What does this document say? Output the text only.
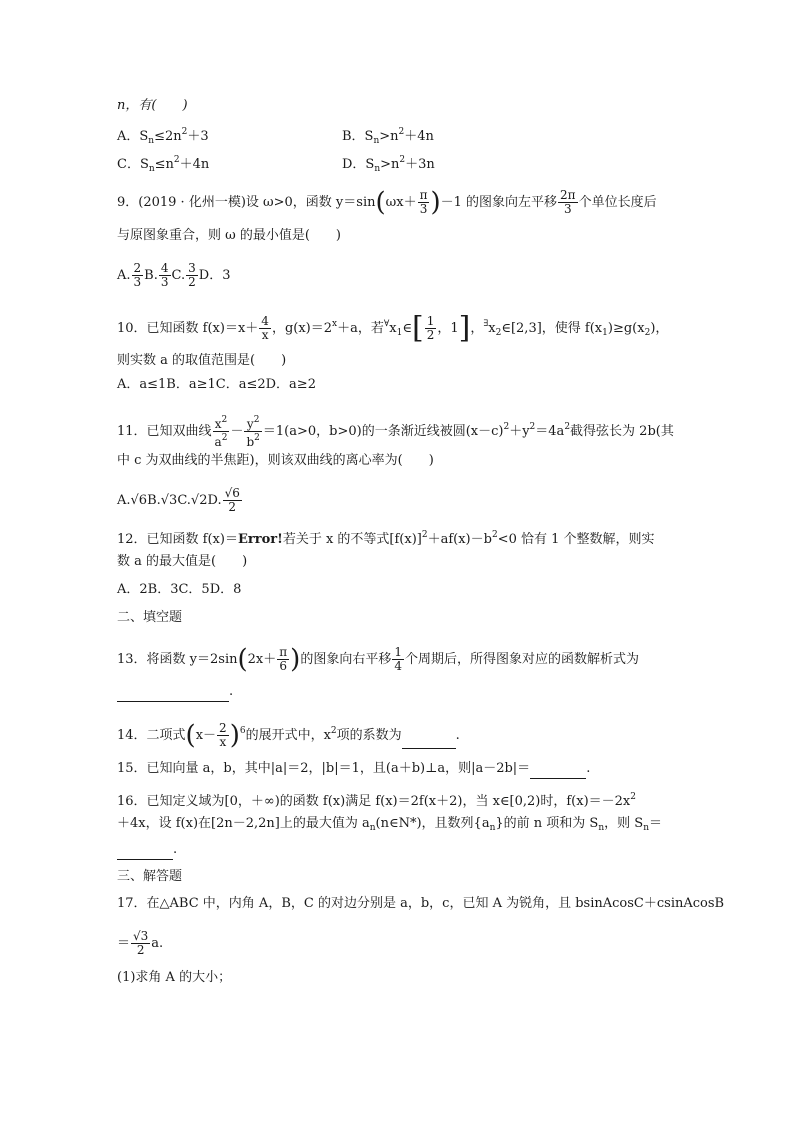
n，有(　　)
A．$S_n\le 2n^2+3$	B．$S_n>n^2+4n$
C．$S_n\le n^2+4n$	D．$S_n>n^2+3n$
9．(2019 · 化州一模)设 ω>0，函数 $y=\sin(\omega x+ \frac{\pi}{3} )-1$ 的图象向左平移 $\frac{2\pi}{3}$ 个单位长度后
与原图象重合，则 ω 的最小值是(　　)
A. $\frac{2}{3} B$. $\frac{4}{3} C$. $\frac{3}{2}$ D．3
10．已知函数 $f(x)=x+ \frac{4}{x}$ ，$g(x)=2^x+a$，若$^\forall x_1\in[ \frac{1}{2}$ ，1]，$^\exists x_2\in[2,3]$，使得 $f(x_1)\ge g(x_2)$，
则实数 a 的取值范围是(　　)
A．a≤1B．a≥1C．a≤2D．a≥2
11．已知双曲线 $\frac{x^2}{a^2} - \frac{y^2}{b^2} =1(a>0$，b>0)的一条渐近线被圆$(x-c)^2+y^2=4a^2$截得弦长为 2b(其
中 c 为双曲线的半焦距)，则该双曲线的离心率为(　　)
A.√6B.√3C.√2D. $\frac{√6}{2}$
12．已知函数 f(x)＝Error!若关于 x 的不等式$[f(x)]^2+af(x)-b^2<0$ 恰有 1 个整数解，则实
数 a 的最大值是(　　)
A．2B．3C．5D．8
二、填空题
13．将函数 $y=2\sin(2x+ \frac{\pi}{6}$ )的图象向右平移 $\frac{1}{4}$ 个周期后，所得图象对应的函数解析式为
.
14．二项式$(x- \frac{2}{x} )^6$的展开式中，$x^2$项的系数为	.
15．已知向量 a，b，其中|a|＝2，|b|＝1，且(a＋b)⊥a，则|a－2b|＝	.
16．已知定义域为[0，＋∞)的函数 f(x)满足 f(x)＝2f(x＋2)，当 x∈[0,2)时，$f(x)=-2x^2$
＋4x，设 f(x)在[2n－2,2n]上的最大值为 $a_n(n\in N*)$，且数列$\{a_n\}$的前 n 项和为 $S_n$，则 $S_n=$
.
三、解答题
17．在△ABC 中，内角 A，B，C 的对边分别是 a，b，c，已知 A 为锐角，且 bsinAcosC＋csinAcosB
＝ $\frac{√3}{2} a$.
(1)求角 A 的大小；
